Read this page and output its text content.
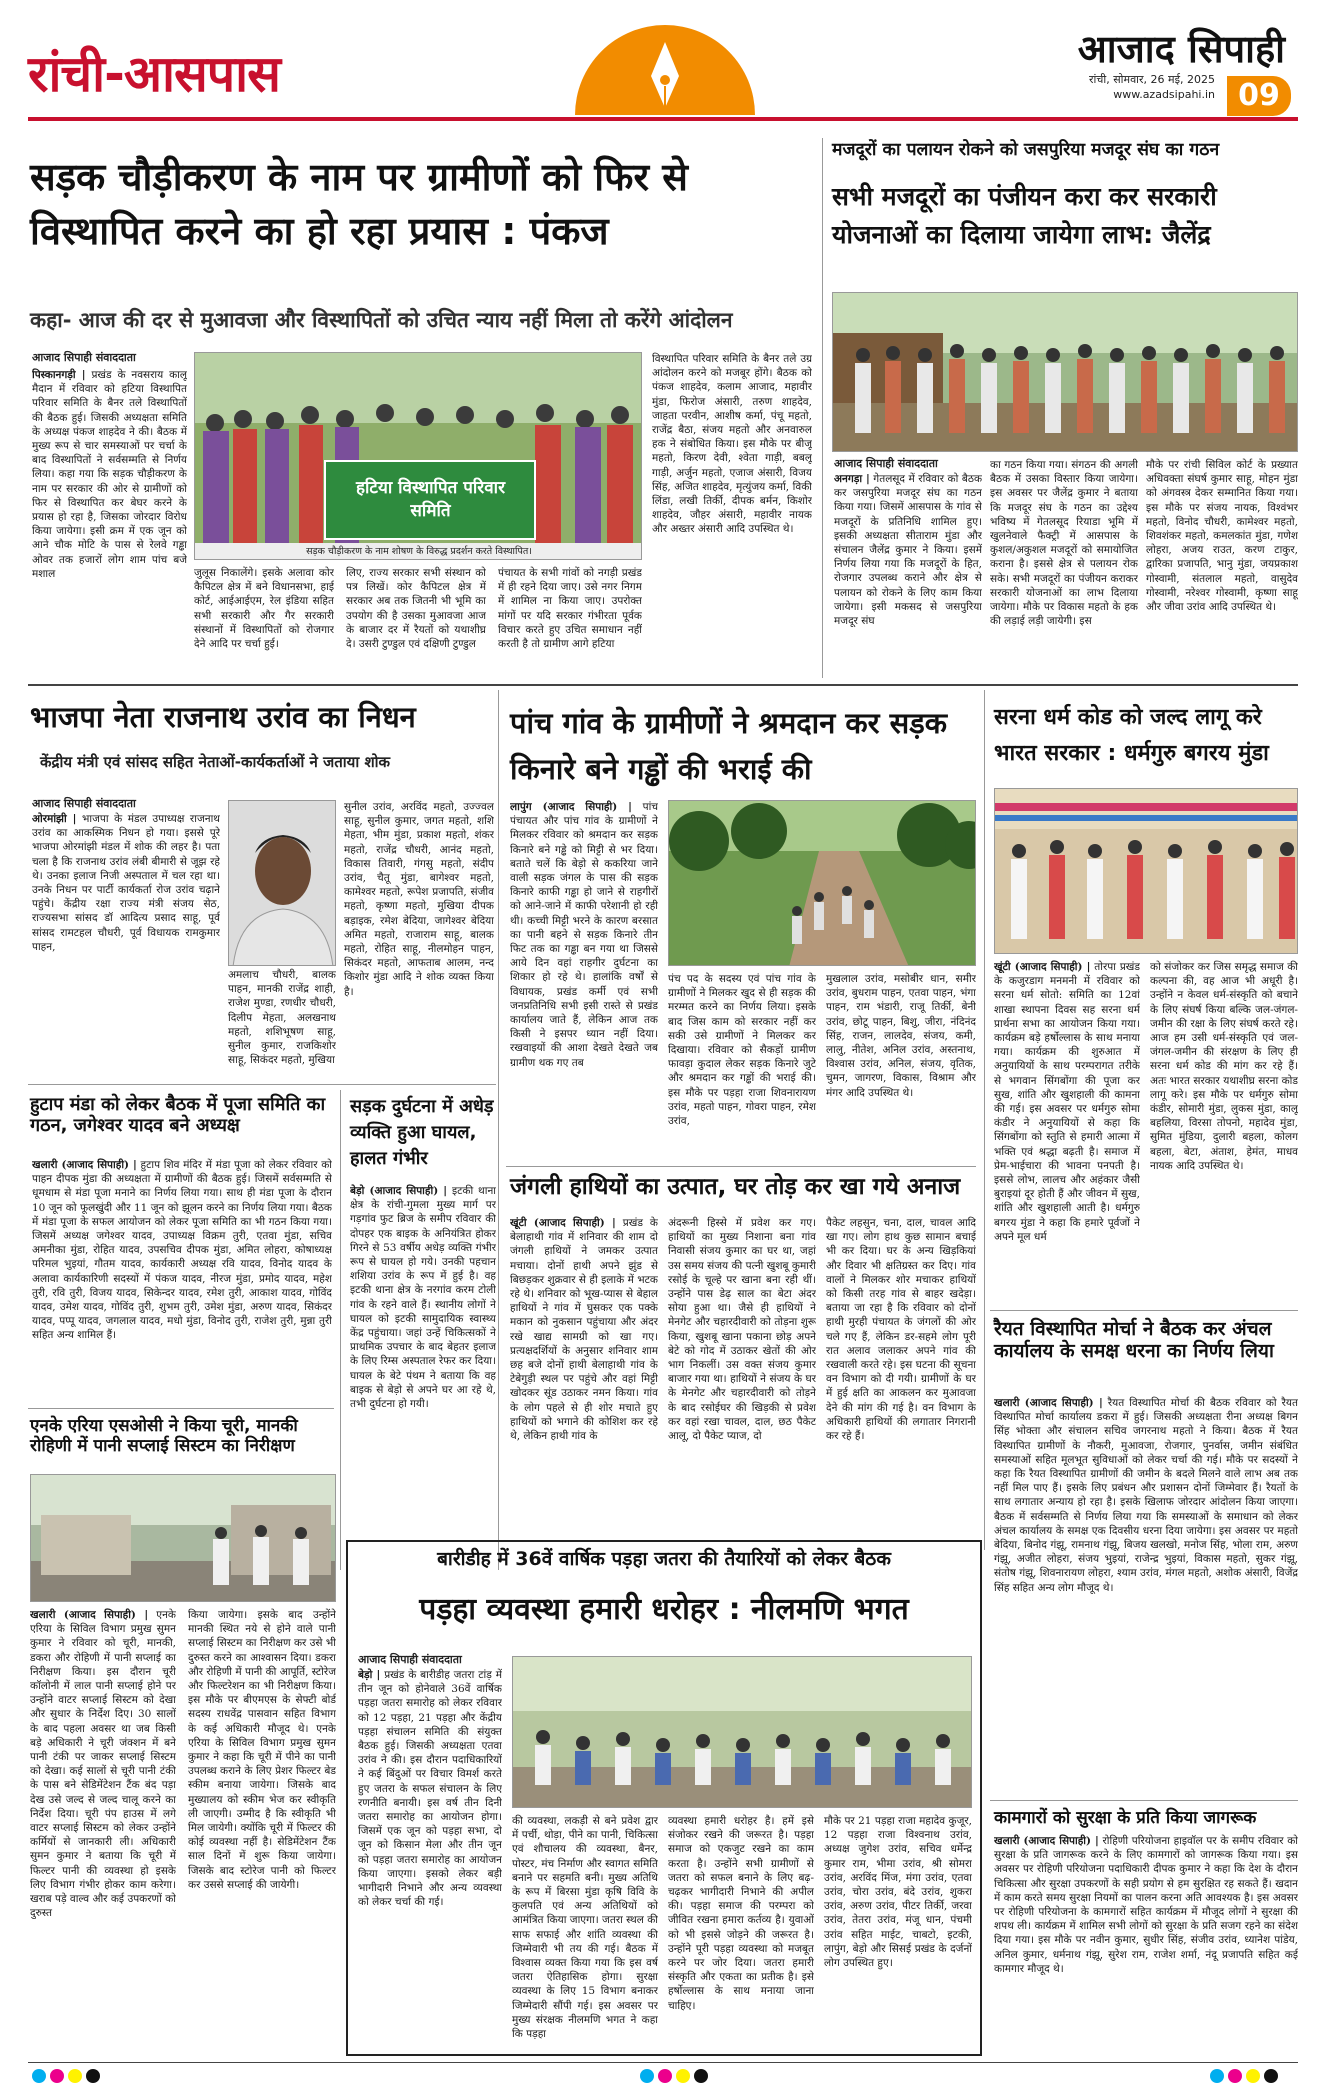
रांची-आसपास	आजाद सिपाही
रांची, सोमवार, 26 मई, 2025
www.azadsipahi.in 09
सड़क चौड़ीकरण के नाम पर ग्रामीणों को फिर से विस्थापित करने का हो रहा प्रयास : पंकज
कहा- आज की दर से मुआवजा और विस्थापितों को उचित न्याय नहीं मिला तो करेंगे आंदोलन
आजाद सिपाही संवाददाता
पिस्कानगड़ी | प्रखंड के नवसराय कालू मैदान में रविवार को हटिया विस्थापित परिवार समिति के बैनर तले विस्थापितों की बैठक हुई। जिसकी अध्यक्षता समिति के अध्यक्ष पंकज शाहदेव ने की। बैठक में मुख्य रूप से चार समस्याओं पर चर्चा के बाद विस्थापितों ने सर्वसम्मति से निर्णय लिया। कहा गया कि सड़क चौड़ीकरण के नाम पर सरकार की ओर से ग्रामीणों को फिर से विस्थापित कर बेघर करने के प्रयास हो रहा है, जिसका जोरदार विरोध किया जायेगा। इसी क्रम में एक जून को आने चौक मोटि के पास से रेलवे गड्ढा ओवर तक हजारों लोग शाम पांच बजे मशाल
हटिया विस्थापित परिवार समिति
सड़क चौड़ीकरण के नाम शोषण के विरुद्ध प्रदर्शन करते विस्थापित।
जुलूस निकालेंगे। इसके अलावा कोर कैपिटल क्षेत्र में बने विधानसभा, हाई कोर्ट, आईआईएम, रेल इंडिया सहित सभी सरकारी और गैर सरकारी संस्थानों में विस्थापितों को रोजगार देने आदि पर चर्चा हुई।
लिए, राज्य सरकार सभी संस्थान को पत्र लिखें। कोर कैपिटल क्षेत्र में सरकार अब तक जितनी भी भूमि का उपयोग की है उसका मुआवजा आज के बाजार दर में रैयतों को यथाशीघ्र दे। उसरी टुण्डुल एवं दक्षिणी टुण्डुल
पंचायत के सभी गांवों को नगड़ी प्रखंड में ही रहने दिया जाए। उसे नगर निगम में शामिल ना किया जाए। उपरोक्त मांगों पर यदि सरकार गंभीरता पूर्वक विचार करते हुए उचित समाधान नहीं करती है तो ग्रामीण आगे हटिया
विस्थापित परिवार समिति के बैनर तले उग्र आंदोलन करने को मजबूर होंगे। बैठक को पंकज शाहदेव, कलाम आजाद, महावीर मुंडा, फिरोज अंसारी, तरुण शाहदेव, जाहता परवीन, आशीष कर्मा, पंचू महतो, राजेंद्र बैठा, संजय महतो और अनवारुल हक ने संबोधित किया। इस मौके पर बीजू महतो, किरण देवी, श्वेता गाड़ी, बबलू गाड़ी, अर्जुन महतो, एजाज अंसारी, विजय सिंह, अजित शाहदेव, मृत्युंजय कर्मा, विकी लिंडा, लखी तिर्की, दीपक बर्मन, किशोर शाहदेव, जौहर अंसारी, महावीर नायक और अख्तर अंसारी आदि उपस्थित थे।
मजदूरों का पलायन रोकने को जसपुरिया मजदूर संघ का गठन
सभी मजदूरों का पंजीयन करा कर सरकारी योजनाओं का दिलाया जायेगा लाभ: जैलेंद्र
आजाद सिपाही संवाददाता
अनगड़ा | गेतलसूद में रविवार को बैठक कर जसपुरिया मजदूर संघ का गठन किया गया। जिसमें आसपास के गांव से मजदूरों के प्रतिनिधि शामिल हुए। इसकी अध्यक्षता सीताराम मुंडा और संचालन जैलेंद्र कुमार ने किया। इसमें निर्णय लिया गया कि मजदूरों के हित, रोजगार उपलब्ध कराने और क्षेत्र से पलायन को रोकने के लिए काम किया जायेगा। इसी मकसद से जसपुरिया मजदूर संघ
का गठन किया गया। संगठन की अगली बैठक में उसका विस्तार किया जायेगा। इस अवसर पर जैलेंद्र कुमार ने बताया कि मजदूर संघ के गठन का उद्देश्य भविष्य में गेतलसूद रियाडा भूमि में खुलनेवाले फैक्ट्री में आसपास के कुशल/अकुशल मजदूरों को समायोजित कराना है। इससे क्षेत्र से पलायन रोक सके। सभी मजदूरों का पंजीयन कराकर सरकारी योजनाओं का लाभ दिलाया जायेगा। मौके पर विकास महतो के हक की लड़ाई लड़ी जायेगी। इस
मौके पर रांची सिविल कोर्ट के प्रख्यात अधिवक्ता संघर्ष कुमार साहू, मोहन मुंडा को अंगवस्त्र देकर सम्मानित किया गया। इस मौके पर संजय नायक, विश्वंभर महतो, विनोद चौधरी, कामेश्वर महतो, शिवशंकर महतो, कमलकांत मुंडा, गणेश लोहरा, अजय राउत, करण टाकुर, द्वारिका प्रजापति, भानु मुंडा, जयप्रकाश गोस्वामी, संतलाल महतो, वासुदेव गोस्वामी, नरेश्वर गोस्वामी, कृष्णा साहू और जीवा उरांव आदि उपस्थित थे।
भाजपा नेता राजनाथ उरांव का निधन
केंद्रीय मंत्री एवं सांसद सहित नेताओं-कार्यकर्ताओं ने जताया शोक
आजाद सिपाही संवाददाता
ओरमांझी | भाजपा के मंडल उपाध्यक्ष राजनाथ उरांव का आकस्मिक निधन हो गया। इससे पूरे भाजपा ओरमांझी मंडल में शोक की लहर है। पता चला है कि राजनाथ उरांव लंबी बीमारी से जूझ रहे थे। उनका इलाज निजी अस्पताल में चल रहा था। उनके निधन पर पार्टी कार्यकर्ता रोज उरांव चढ़ाने पहुंचे। केंद्रीय रक्षा राज्य मंत्री संजय सेठ, राज्यसभा सांसद डॉ आदित्य प्रसाद साहू, पूर्व सांसद रामटहल चौधरी, पूर्व विधायक रामकुमार पाहन,
अमलाच चौधरी, बालक पाहन, मानकी राजेंद्र शाही, राजेश मुण्डा, रणधीर चौधरी, दिलीप मेहता, अलखनाथ महतो, शशिभूषण साहू, सुनील कुमार, राजकिशोर साहू, सिकंदर महतो, मुखिया
सुनील उरांव, अरविंद महतो, उज्ज्वल साहू, सुनील कुमार, जगत महतो, शशि मेहता, भीम मुंडा, प्रकाश महतो, शंकर महतो, राजेंद्र चौधरी, आनंद महतो, विकास तिवारी, गंगसु महतो, संदीप उरांव, चैतू मुंडा, बागेश्वर महतो, कामेश्वर महतो, रूपेश प्रजापति, संजीव महतो, कृष्णा महतो, मुखिया दीपक बड़ाइक, रमेश बेदिया, जागेश्वर बेदिया अमित महतो, राजाराम साहू, बालक महतो, रोहित साहू, नीलमोहन पाहन, सिकंदर महतो, आफताब आलम, नन्द किशोर मुंडा आदि ने शोक व्यक्त किया है।
हुटाप मंडा को लेकर बैठक में पूजा समिति का गठन, जगेश्वर यादव बने अध्यक्ष
खलारी (आजाद सिपाही) | हुटाप शिव मंदिर में मंडा पूजा को लेकर रविवार को पाहन दीपक मुंडा की अध्यक्षता में ग्रामीणों की बैठक हुई। जिसमें सर्वसम्मति से धूमधाम से मंडा पूजा मनाने का निर्णय लिया गया। साथ ही मंडा पूजा के दौरान 10 जून को फूलखुंदी और 11 जून को झूलन करने का निर्णय लिया गया। बैठक में मंडा पूजा के सफल आयोजन को लेकर पूजा समिति का भी गठन किया गया। जिसमें अध्यक्ष जगेश्वर यादव, उपाध्यक्ष विक्रम तुरी, एतवा मुंडा, सचिव अमनीका मुंडा, रोहित यादव, उपसचिव दीपक मुंडा, अमित लोहरा, कोषाध्यक्ष परिमल भुइयां, गौतम यादव, कार्यकारी अध्यक्ष रवि यादव, विनोद यादव के अलावा कार्यकारिणी सदस्यों में पंकज यादव, नीरज मुंडा, प्रमोद यादव, महेश तुरी, रवि तुरी, विजय यादव, सिकेन्दर यादव, रमेश तुरी, आकाश यादव, गोविंद यादव, उमेश यादव, गोविंद तुरी, शुभम तुरी, उमेश मुंडा, अरुण यादव, सिकंदर यादव, पप्पू यादव, जगलाल यादव, मधो मुंडा, विनोद तुरी, राजेश तुरी, मुन्ना तुरी सहित अन्य शामिल हैं।
सड़क दुर्घटना में अधेड़ व्यक्ति हुआ घायल, हालत गंभीर
बेड़ो (आजाद सिपाही) | इटकी थाना क्षेत्र के रांची-गुमला मुख्य मार्ग पर गड़गांव फुट ब्रिज के समीप रविवार की दोपहर एक बाइक के अनियंत्रित होकर गिरने से 53 वर्षीय अधेड़ व्यक्ति गंभीर रूप से घायल हो गये। उनकी पहचान शशिया उरांव के रूप में हुई है। वह इटकी थाना क्षेत्र के नरगांव करम टोली गांव के रहने वाले हैं। स्थानीय लोगों ने घायल को इटकी सामुदायिक स्वास्थ्य केंद्र पहुंचाया। जहां उन्हें चिकित्सकों ने प्राथमिक उपचार के बाद बेहतर इलाज के लिए रिम्स अस्पताल रेफर कर दिया। घायल के बेटे पंथम ने बताया कि वह बाइक से बेड़ो से अपने घर आ रहे थे, तभी दुर्घटना हो गयी।
एनके एरिया एसओसी ने किया चूरी, मानकी रोहिणी में पानी सप्लाई सिस्टम का निरीक्षण
खलारी (आजाद सिपाही) | एनके एरिया के सिविल विभाग प्रमुख सुमन कुमार ने रविवार को चूरी, मानकी, डकरा और रोहिणी में पानी सप्लाई का निरीक्षण किया। इस दौरान चूरी कॉलोनी में लाल पानी सप्लाई होने पर उन्होंने वाटर सप्लाई सिस्टम को देखा और सुधार के निर्देश दिए। 30 सालों के बाद पहला अवसर था जब किसी बड़े अधिकारी ने चूरी जंक्शन में बने पानी टंकी पर जाकर सप्लाई सिस्टम को देखा। कई सालों से चूरी पानी टंकी के पास बने सेडिमेंटेशन टैंक बंद पड़ा देख उसे जल्द से जल्द चालू करने का निर्देश दिया। चूरी पंप हाउस में लगे वाटर सप्लाई सिस्टम को लेकर उन्होंने कर्मियों से जानकारी ली। अधिकारी सुमन कुमार ने बताया कि चूरी में फिल्टर पानी की व्यवस्था हो इसके लिए विभाग गंभीर होकर काम करेगा। खराब पड़े वाल्व और कई उपकरणों को दुरुस्त
किया जायेगा। इसके बाद उन्होंने मानकी स्थित नये से होने वाले पानी सप्लाई सिस्टम का निरीक्षण कर उसे भी दुरुस्त करने का आश्वासन दिया। डकरा और रोहिणी में पानी की आपूर्ति, स्टोरेज और फिल्टरेशन का भी निरीक्षण किया। इस मौके पर बीएमएस के सेफ्टी बोर्ड सदस्य राधवेंद्र पासवान सहित विभाग के कई अधिकारी मौजूद थे। एनके एरिया के सिविल विभाग प्रमुख सुमन कुमार ने कहा कि चूरी में पीने का पानी उपलब्ध कराने के लिए प्रेशर फिल्टर बेड स्कीम बनाया जायेगा। जिसके बाद मुख्यालय को स्कीम भेज कर स्वीकृति ली जाएगी। उम्मीद है कि स्वीकृति भी मिल जायेगी। क्योंकि चूरी में फिल्टर की कोई व्यवस्था नहीं है। सेडिमेंटेशन टैंक साल दिनों में शुरू किया जायेगा। जिसके बाद स्टोरेज पानी को फिल्टर कर उससे सप्लाई की जायेगी।
पांच गांव के ग्रामीणों ने श्रमदान कर सड़क किनारे बने गड्ढों की भराई की
लापुंग (आजाद सिपाही) | पांच पंचायत और पांच गांव के ग्रामीणों ने मिलकर रविवार को श्रमदान कर सड़क किनारे बने गड्ढे को मिट्टी से भर दिया। बताते चलें कि बेड़ो से ककरिया जाने वाली सड़क जंगल के पास की सड़क किनारे काफी गड्ढा हो जाने से राहगीरों को आने-जाने में काफी परेशानी हो रही थी। कच्ची मिट्टी भरने के कारण बरसात का पानी बहने से सड़क किनारे तीन फिट तक का गड्ढा बन गया था जिससे आये दिन वहां राहगीर दुर्घटना का शिकार हो रहे थे। हालांकि वर्षों से विधायक, प्रखंड कर्मी एवं सभी जनप्रतिनिधि सभी इसी रास्ते से प्रखंड कार्यालय जाते हैं, लेकिन आज तक किसी ने इसपर ध्यान नहीं दिया। रखवाइयों की आशा देखते देखते जब ग्रामीण थक गए तब
पंच पद के सदस्य एवं पांच गांव के ग्रामीणों ने मिलकर खुद से ही सड़क की मरम्मत करने का निर्णय लिया। इसके बाद जिस काम को सरकार नहीं कर सकी उसे ग्रामीणों ने मिलकर कर दिखाया। रविवार को सैकड़ों ग्रामीण फावड़ा कुदाल लेकर सड़क किनारे जुटे और श्रमदान कर गड्ढों की भराई की। इस मौके पर पड़हा राजा शिवनारायण उरांव, महतो पाहन, गोवरा पाहन, रमेश उरांव,
मुखलाल उरांव, मसोबीर धान, समीर उरांव, बुधराम पाहन, एतवा पाहन, भंगा पाहन, राम भंडारी, राजू तिर्की, बेनी उरांव, छोटू पाहन, बिशु, जीरा, नंदिनंद सिंह, राजन, लालदेव, संजय, कमी, लालु, नीतेश, अनिल उरांव, अस्तनाथ, विश्वास उरांव, अनिल, संजय, वृतिक, चुमन, जागरण, विकास, विश्राम और मंगर आदि उपस्थित थे।
जंगली हाथियों का उत्पात, घर तोड़ कर खा गये अनाज
खूंटी (आजाद सिपाही) | प्रखंड के बेलाहाथी गांव में शनिवार की शाम दो जंगली हाथियों ने जमकर उत्पात मचाया। दोनों हाथी अपने झुंड से बिछड़कर शुक्रवार से ही इलाके में भटक रहे थे। शनिवार को भूख-प्यास से बेहाल हाथियों ने गांव में घुसकर एक पक्के मकान को नुकसान पहुंचाया और अंदर रखे खाद्य सामग्री को खा गए। प्रत्यक्षदर्शियों के अनुसार शनिवार शाम छह बजे दोनों हाथी बेलाहाथी गांव के टेबेगुड़ी स्थल पर पहुंचे और वहां मिट्टी खोदकर सूंड उठाकर नमन किया। गांव के लोग पहले से ही शोर मचाते हुए हाथियों को भगाने की कोशिश कर रहे थे, लेकिन हाथी गांव के
अंदरूनी हिस्से में प्रवेश कर गए। हाथियों का मुख्य निशाना बना गांव निवासी संजय कुमार का घर था, जहां उस समय संजय की पत्नी खुशबू कुमारी रसोई के चूल्हे पर खाना बना रही थीं। उन्होंने पास डेढ़ साल का बेटा अंदर सोया हुआ था। जैसे ही हाथियों ने मेनगेट और चहारदीवारी को तोड़ना शुरू किया, खुशबू खाना पकाना छोड़ अपने बेटे को गोद में उठाकर खेतों की ओर भाग निकलीं। उस वक्त संजय कुमार बाजार गया था। हाथियों ने संजय के घर के मेनगेट और चहारदीवारी को तोड़ने के बाद रसोईघर की खिड़की से प्रवेश कर वहां रखा चावल, दाल, छठ पैकेट आलू, दो पैकेट प्याज, दो
पैकेट लहसुन, चना, दाल, चावल आदि खा गए। लोग हाथ कुछ सामान बचाई भी कर दिया। घर के अन्य खिड़कियां और दिवार भी क्षतिग्रस्त कर दिए। गांव वालों ने मिलकर शोर मचाकर हाथियों को किसी तरह गांव से बाहर खदेड़ा। बताया जा रहा है कि रविवार को दोनों हाथी मुरही पंचायत के जंगलों की ओर चले गए हैं, लेकिन डर-सहमे लोग पूरी रात अलाव जलाकर अपने गांव की रखवाली करते रहे। इस घटना की सूचना वन विभाग को दी गयी। ग्रामीणों के घर में हुई क्षति का आकलन कर मुआवजा देने की मांग की गई है। वन विभाग के अधिकारी हाथियों की लगातार निगरानी कर रहे हैं।
सरना धर्म कोड को जल्द लागू करे भारत सरकार : धर्मगुरु बगरय मुंडा
खूंटी (आजाद सिपाही) | तोरपा प्रखंड के कजुरडाग मनमनी में रविवार को सरना धर्म सोतो: समिति का 12वां शाखा स्थापना दिवस सह सरना धर्म प्रार्थना सभा का आयोजन किया गया। कार्यक्रम बड़े हर्षोल्लास के साथ मनाया गया। कार्यक्रम की शुरुआत में अनुयायियों के साथ परम्परागत तरीके से भगवान सिंगबोंगा की पूजा कर सुख, शांति और खुशहाली की कामना की गई। इस अवसर पर धर्मगुरु सोमा कंडीर ने अनुयायियों से कहा कि सिंगबोंगा को स्तुति से हमारी आत्मा में भक्ति एवं श्रद्धा बढ़ती है। समाज में प्रेम-भाईचारा की भावना पनपती है। इससे लोभ, लालच और अहंकार जैसी बुराइयां दूर होती हैं और जीवन में सुख, शांति और खुशहाली आती है। धर्मगुरु बगरय मुंडा ने कहा कि हमारे पूर्वजों ने अपने मूल धर्म
को संजोकर कर जिस समृद्ध समाज की कल्पना की, वह आज भी अधूरी है। उन्होंने न केवल धर्म-संस्कृति को बचाने के लिए संघर्ष किया बल्कि जल-जंगल-जमीन की रक्षा के लिए संघर्ष करते रहे। आज हम उसी धर्म-संस्कृति एवं जल-जंगल-जमीन की संरक्षण के लिए ही सरना धर्म कोड की मांग कर रहे हैं। अतः भारत सरकार यथाशीघ्र सरना कोड लागू करे। इस मौके पर धर्मगुरु सोमा कंडीर, सोमारी मुंडा, लुकस मुंडा, कालू बहलिया, विरसा तोपनो, महादेव मुंडा, सुमित मुंडिया, दुलारी बहला, कोलग बहला, बेटा, अंताश, हेमंत, माधव नायक आदि उपस्थित थे।
रैयत विस्थापित मोर्चा ने बैठक कर अंचल कार्यालय के समक्ष धरना का निर्णय लिया
खलारी (आजाद सिपाही) | रैयत विस्थापित मोर्चा की बैठक रविवार को रैयत विस्थापित मोर्चा कार्यालय डकरा में हुई। जिसकी अध्यक्षता रीना अध्यक्ष बिगन सिंह भोक्ता और संचालन सचिव जगरनाथ महतो ने किया। बैठक में रैयत विस्थापित ग्रामीणों के नौकरी, मुआवजा, रोजगार, पुनर्वास, जमीन संबंधित समस्याओं सहित मूलभूत सुविधाओं को लेकर चर्चा की गई। मौके पर सदस्यों ने कहा कि रैयत विस्थापित ग्रामीणों की जमीन के बदले मिलने वाले लाभ अब तक नहीं मिल पाए हैं। इसके लिए प्रबंधन और प्रशासन दोनों जिम्मेवार हैं। रैयतों के साथ लगातार अन्याय हो रहा है। इसके खिलाफ जोरदार आंदोलन किया जाएगा। बैठक में सर्वसम्मति से निर्णय लिया गया कि समस्याओं के समाधान को लेकर अंचल कार्यालय के समक्ष एक दिवसीय धरना दिया जायेगा। इस अवसर पर महतो बेदिया, बिनोद गंझू, रामनाथ गंझू, बिजय खलखो, मनोज सिंह, भोला राम, अरुण गंझू, अजीत लोहरा, संजय भुइयां, राजेन्द्र भुइयां, विकास महतो, सुकर गंझू, संतोष गंझू, शिवनारायण लोहरा, श्याम उरांव, मंगल महतो, अशोक अंसारी, विजेंद्र सिंह सहित अन्य लोग मौजूद थे।
बारीडीह में 36वें वार्षिक पड़हा जतरा की तैयारियों को लेकर बैठक
पड़हा व्यवस्था हमारी धरोहर : नीलमणि भगत
आजाद सिपाही संवाददाता
बेड़ो | प्रखंड के बारीडीह जतरा टांड़ में तीन जून को होनेवाले 36वें वार्षिक पड़हा जतरा समारोह को लेकर रविवार को 12 पड़हा, 21 पड़हा और केंद्रीय पड़हा संचालन समिति की संयुक्त बैठक हुई। जिसकी अध्यक्षता एतवा उरांव ने की। इस दौरान पदाधिकारियों ने कई बिंदुओं पर विचार विमर्श करते हुए जतरा के सफल संचालन के लिए रणनीति बनायी। इस वर्ष तीन दिनी जतरा समारोह का आयोजन होगा। जिसमें एक जून को पड़हा सभा, दो जून को किसान मेला और तीन जून को पड़हा जतरा समारोह का आयोजन किया जाएगा। इसको लेकर बड़ी भागीदारी निभाने और अन्य व्यवस्था को लेकर चर्चा की गई।
की व्यवस्था, लकड़ी से बने प्रवेश द्वार में पर्ची, थोड़ा, पीने का पानी, चिकित्सा एवं शौचालय की व्यवस्था, बैनर, पोस्टर, मंच निर्माण और स्वागत समिति बनाने पर सहमति बनी। मुख्य अतिथि के रूप में बिरसा मुंडा कृषि विवि के कुलपति एवं अन्य अतिथियों को आमंत्रित किया जाएगा। जतरा स्थल की साफ सफाई और शांति व्यवस्था की जिम्मेवारी भी तय की गई। बैठक में विश्वास व्यक्त किया गया कि इस वर्ष जतरा ऐतिहासिक होगा। सुरक्षा व्यवस्था के लिए 15 विभाग बनाकर जिम्मेदारी सौंपी गई। इस अवसर पर मुख्य संरक्षक नीलमणि भगत ने कहा कि पड़हा
व्यवस्था हमारी धरोहर है। हमें इसे संजोकर रखने की जरूरत है। पड़हा समाज को एकजुट रखने का काम करता है। उन्होंने सभी ग्रामीणों से जतरा को सफल बनाने के लिए बढ़-चढ़कर भागीदारी निभाने की अपील की। पड़हा समाज की परम्परा को जीवित रखना हमारा कर्तव्य है। युवाओं को भी इससे जोड़ने की जरूरत है। उन्होंने पूरी पड़हा व्यवस्था को मजबूत करने पर जोर दिया। जतरा हमारी संस्कृति और एकता का प्रतीक है। इसे हर्षोल्लास के साथ मनाया जाना चाहिए।
मौके पर 21 पड़हा राजा महादेव कुजूर, 12 पड़हा राजा विश्वनाथ उरांव, अध्यक्ष जुगेश उरांव, सचिव धर्मेन्द्र कुमार राम, भीमा उरांव, श्री सोमरा उरांव, अरविंद मिंज, मंगा उरांव, एतवा उरांव, चोरा उरांव, बंदे उरांव, शुकरा उरांव, अरुण उरांव, पीटर तिर्की, जरवा उरांव, तेतरा उरांव, मंजू धान, पंचमी उरांव सहित माईट, चाबटो, इटकी, लापुंग, बेड़ो और सिसई प्रखंड के दर्जनों लोग उपस्थित हुए।
कामगारों को सुरक्षा के प्रति किया जागरूक
खलारी (आजाद सिपाही) | रोहिणी परियोजना हाइवॉल पर के समीप रविवार को सुरक्षा के प्रति जागरूक करने के लिए कामगारों को जागरूक किया गया। इस अवसर पर रोहिणी परियोजना पदाधिकारी दीपक कुमार ने कहा कि देश के दौरान चिकित्सा और सुरक्षा उपकरणों के सही प्रयोग से हम सुरक्षित रह सकते हैं। खदान में काम करते समय सुरक्षा नियमों का पालन करना अति आवश्यक है। इस अवसर पर रोहिणी परियोजना के कामगारों सहित कार्यक्रम में मौजूद लोगों ने सुरक्षा की शपथ ली। कार्यक्रम में शामिल सभी लोगों को सुरक्षा के प्रति सजग रहने का संदेश दिया गया। इस मौके पर नवीन कुमार, सुधीर सिंह, संजीव उरांव, ध्यानेश पांडेय, अनिल कुमार, धर्मनाथ गंझू, सुरेश राम, राजेश शर्मा, नंदू प्रजापति सहित कई कामगार मौजूद थे।
